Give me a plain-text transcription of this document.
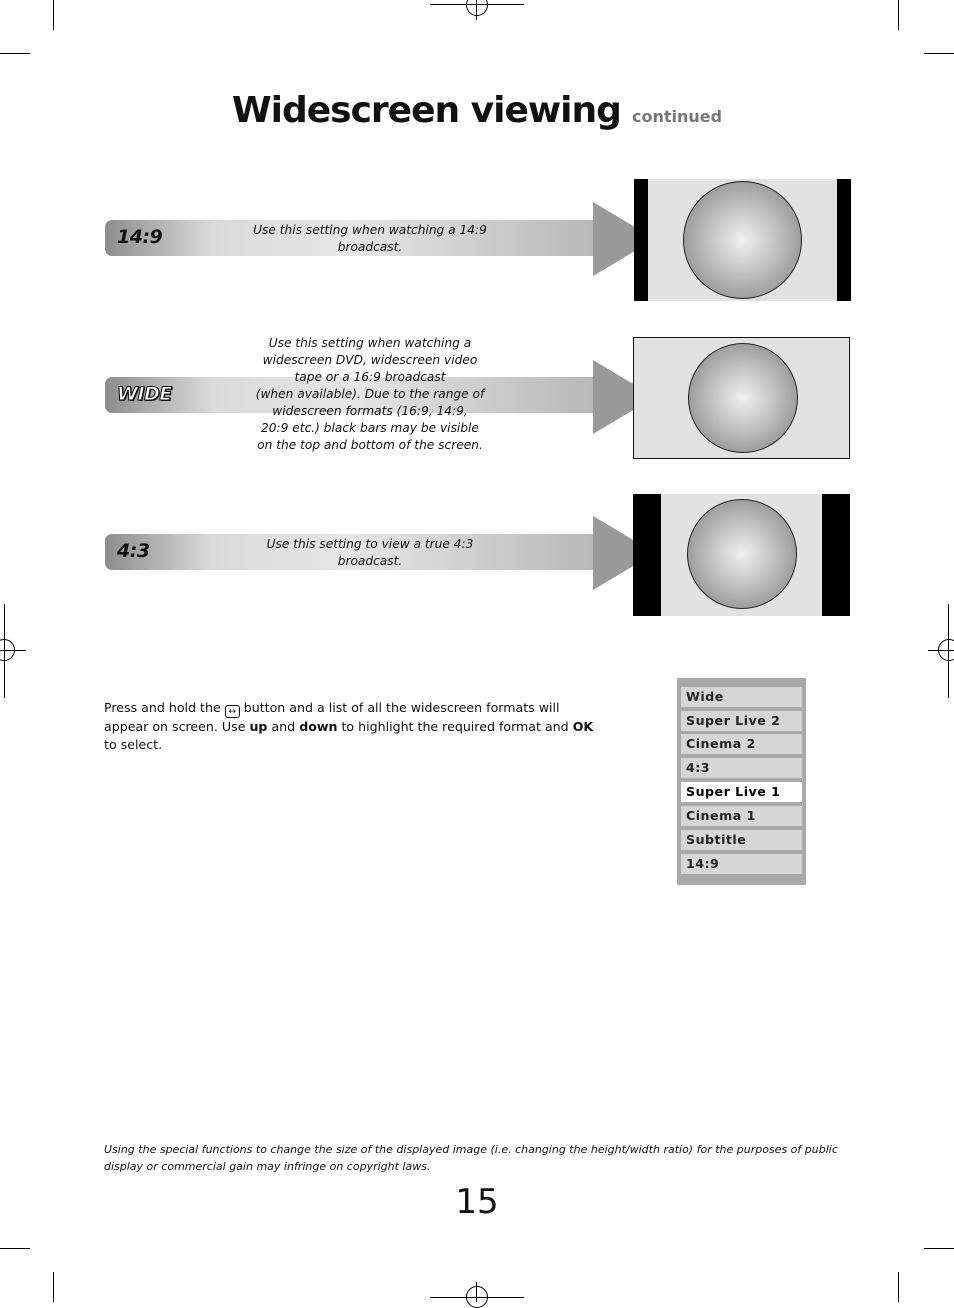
Widescreen viewing continued
14:9	Use this setting when watching a 14:9
broadcast.
WIDE
Use this setting when watching a
widescreen DVD, widescreen video
tape or a 16:9 broadcast
(when available). Due to the range of
widescreen formats (16:9, 14:9,
20:9 etc.) black bars may be visible
on the top and bottom of the screen.
4:3	Use this setting to view a true 4:3
broadcast.
Press and hold the ↔ button and a list of all the widescreen formats will appear on screen. Use up and down to highlight the required format and OK to select.
Wide
Super Live 2
Cinema 2
4:3
Super Live 1
Cinema 1
Subtitle
14:9
Using the special functions to change the size of the displayed image (i.e. changing the height/width ratio) for the purposes of public display or commercial gain may infringe on copyright laws.
15
